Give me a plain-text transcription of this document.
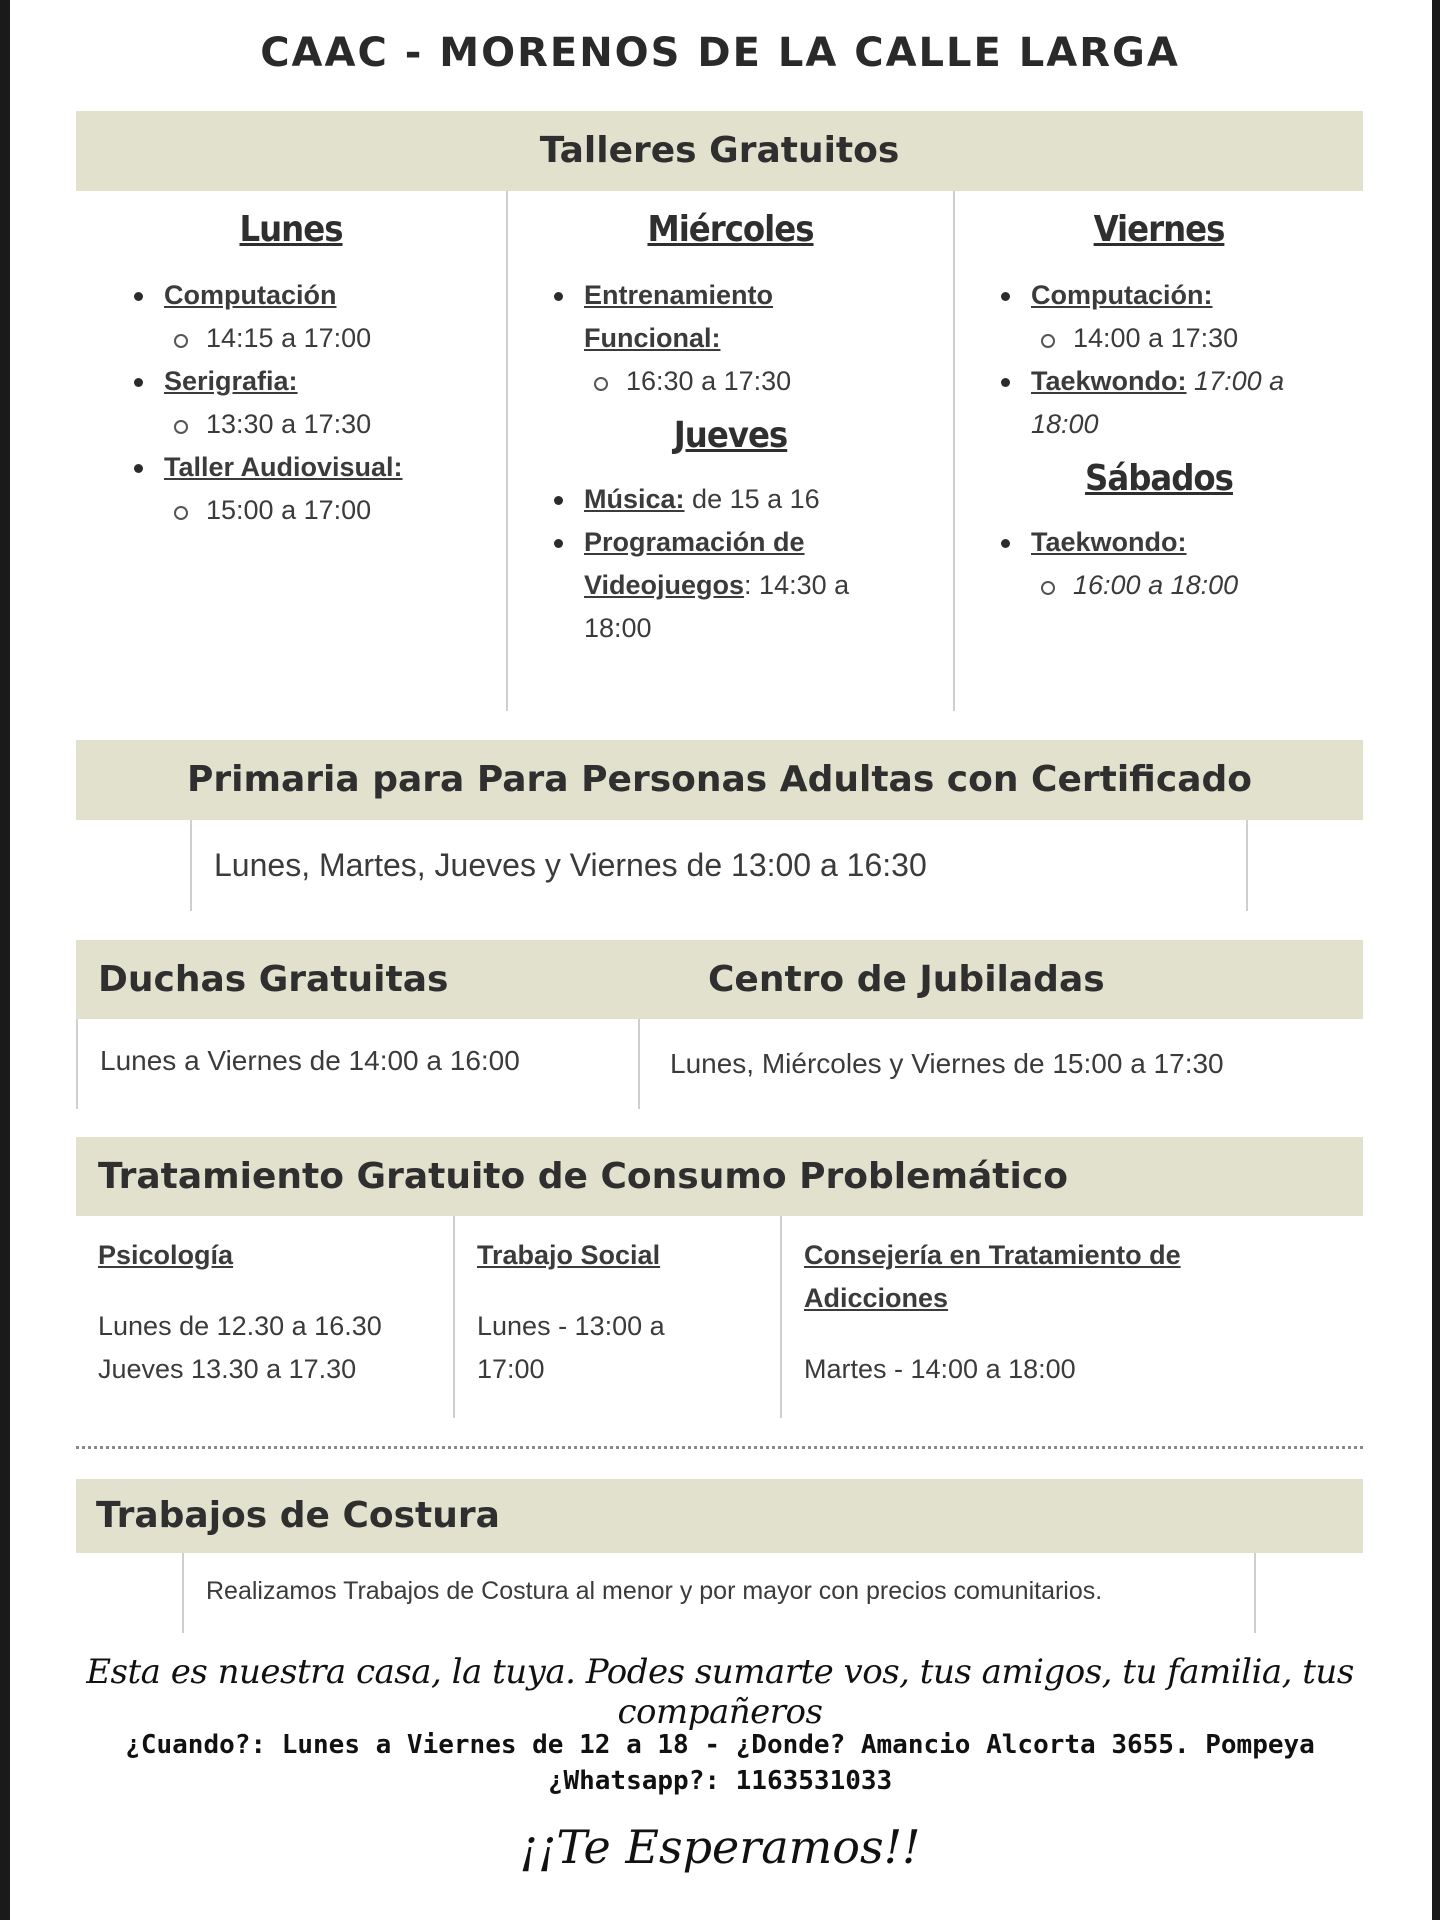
CAAC - MORENOS DE LA CALLE LARGA
Talleres Gratuitos
Lunes
Computación
14:15 a 17:00
Serigrafia:
13:30 a 17:30
Taller Audiovisual:
15:00 a 17:00
Miércoles
Entrenamiento Funcional:
16:30 a 17:30
Jueves
Música: de 15 a 16
Programación de Videojuegos: 14:30 a 18:00
Viernes
Computación:
14:00 a 17:30
Taekwondo: 17:00 a 18:00
Sábados
Taekwondo:
16:00 a 18:00
Primaria para Para Personas Adultas con Certificado
Lunes, Martes, Jueves y Viernes de 13:00 a 16:30
Duchas Gratuitas	Centro de Jubiladas
Lunes a Viernes de 14:00 a 16:00	Lunes, Miércoles y Viernes de 15:00 a 17:30
Tratamiento Gratuito de Consumo Problemático
Psicología
Lunes de 12.30 a 16.30
Jueves 13.30 a 17.30
Trabajo Social
Lunes - 13:00 a
17:00
Consejería en Tratamiento de Adicciones
Martes - 14:00 a 18:00
Trabajos de Costura
Realizamos Trabajos de Costura al menor y por mayor con precios comunitarios.
Esta es nuestra casa, la tuya. Podes sumarte vos, tus amigos, tu familia, tus compañeros
¿Cuando?: Lunes a Viernes de 12 a 18 - ¿Donde? Amancio Alcorta 3655. Pompeya
¿Whatsapp?: 1163531033
¡¡Te Esperamos!!
